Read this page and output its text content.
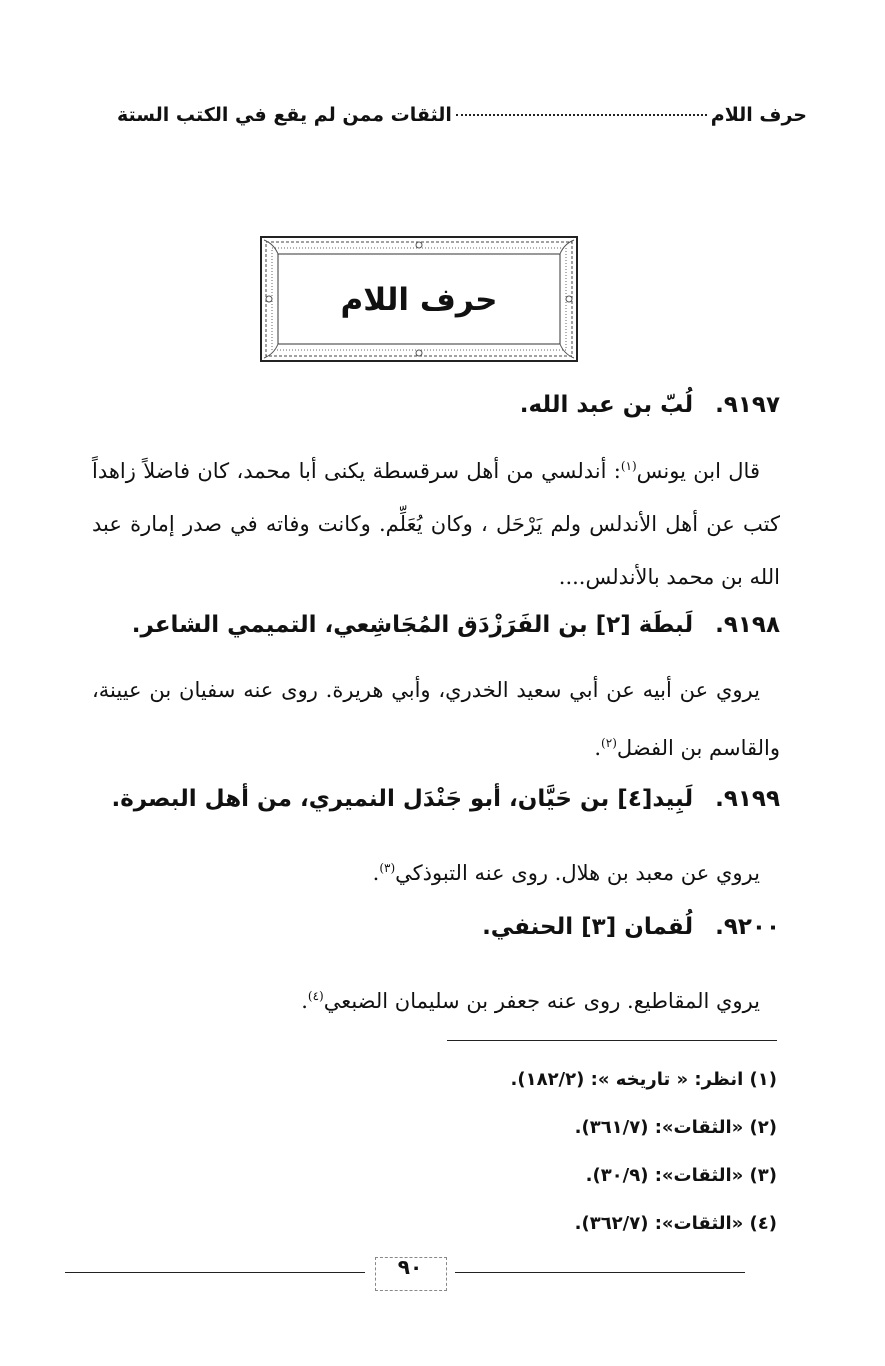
حرف اللام
الثقات ممن لم يقع في الكتب الستة
حرف اللام
٩١٩٧.لُبّ بن عبد الله.
قال ابن يونس$^{(١)}$: أندلسي من أهل سرقسطة يكنى أبا محمد، كان فاضلاً زاهداً كتب عن أهل الأندلس ولم يَرْحَل ، وكان يُعَلِّم. وكانت وفاته في صدر إمارة عبد الله بن محمد بالأندلس....
٩١٩٨.لَبطَة [٢] بن الفَرَزْدَق المُجَاشِعي، التميمي الشاعر.
يروي عن أبيه عن أبي سعيد الخدري، وأبي هريرة. روى عنه سفيان بن عيينة، والقاسم بن الفضل$^{(٢)}$.
٩١٩٩.لَبِيد[٤] بن حَيَّان، أبو جَنْدَل النميري، من أهل البصرة.
يروي عن معبد بن هلال. روى عنه التبوذكي$^{(٣)}$.
٩٢٠٠.لُقمان [٣] الحنفي.
يروي المقاطيع. روى عنه جعفر بن سليمان الضبعي$^{(٤)}$.
(١) انظر: « تاريخه »: (١٨٢/٢).
(٢) «الثقات»: (٣٦١/٧).
(٣) «الثقات»: (٣٠/٩).
(٤) «الثقات»: (٣٦٢/٧).
٩٠
